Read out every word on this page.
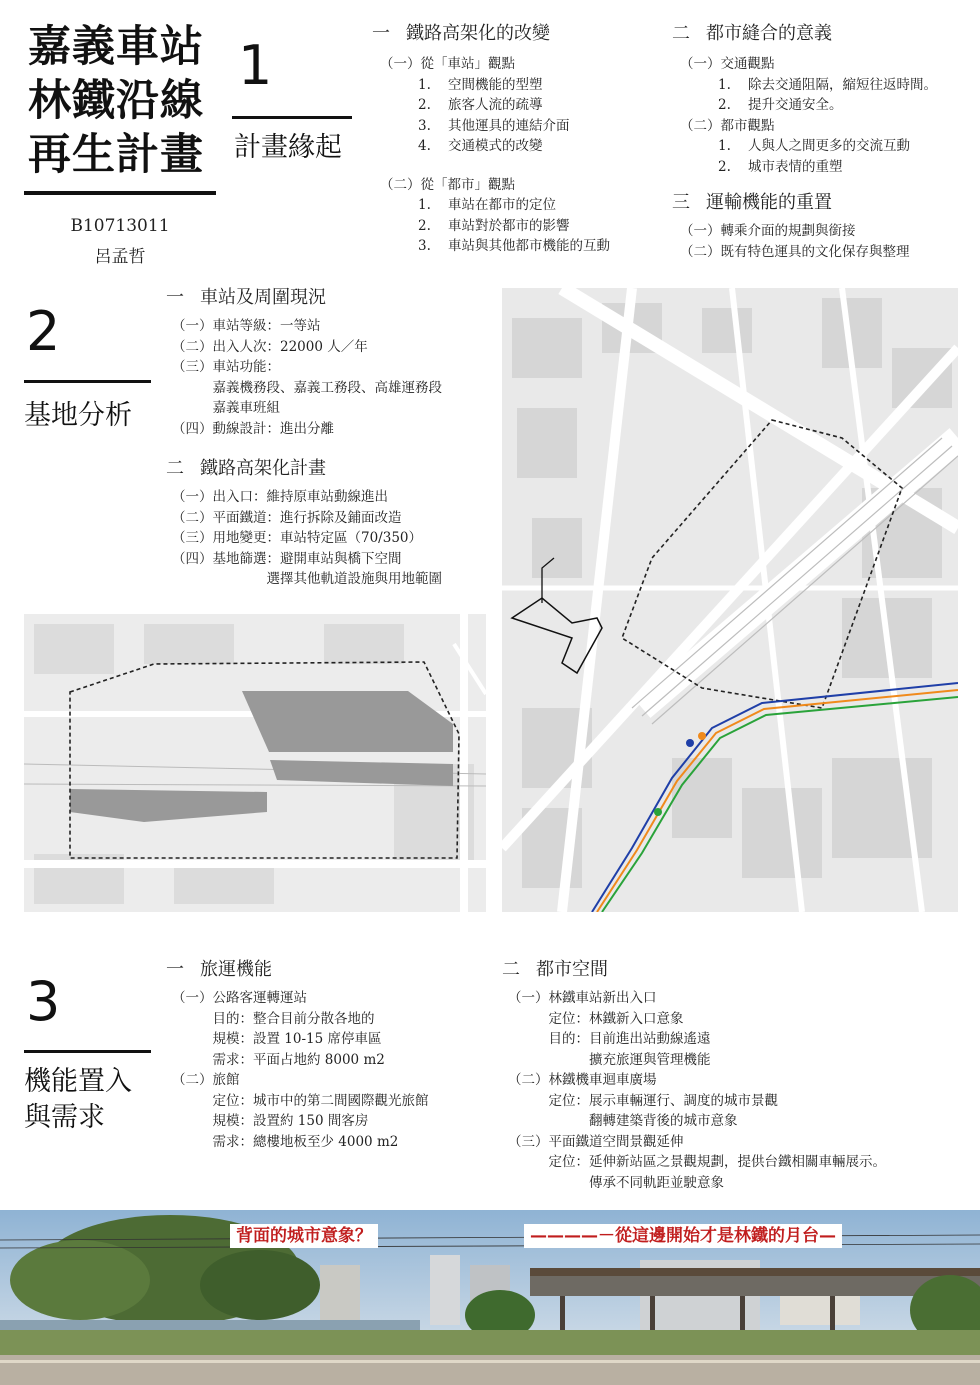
嘉義車站
林鐵沿線
再生計畫
B10713011
呂孟哲
1
計畫緣起
一 鐵路高架化的改變
（一）從「車站」觀點
1. 空間機能的型塑
2. 旅客人流的疏導
3. 其他運具的連結介面
4. 交通模式的改變
（二）從「都市」觀點
1. 車站在都市的定位
2. 車站對於都市的影響
3. 車站與其他都市機能的互動
二 都市縫合的意義
（一）交通觀點
1. 除去交通阻隔，縮短往返時間。
2. 提升交通安全。
（二）都市觀點
1. 人與人之間更多的交流互動
2. 城市表情的重塑
三 運輸機能的重置
（一）轉乘介面的規劃與銜接
（二）既有特色運具的文化保存與整理
2
基地分析
一 車站及周圍現況
（一）車站等級：一等站
（二）出入人次：22000 人／年
（三）車站功能：
　　　嘉義機務段、嘉義工務段、高雄運務段
　　　嘉義車班組
（四）動線設計：進出分離
二 鐵路高架化計畫
（一）出入口：維持原車站動線進出
（二）平面鐵道：進行拆除及鋪面改造
（三）用地變更：車站特定區（70/350）
（四）基地篩選：避開車站與橋下空間
　　　　　　　選擇其他軌道設施與用地範圍
3
機能置入
與需求
一 旅運機能
（一）公路客運轉運站
　　　目的：整合目前分散各地的
　　　規模：設置 10-15 席停車區
　　　需求：平面占地約 8000 m2
（二）旅館
　　　定位：城市中的第二間國際觀光旅館
　　　規模：設置約 150 間客房
　　　需求：總樓地板至少 4000 m2
二 都市空間
（一）林鐵車站新出入口
　　　定位：林鐵新入口意象
　　　目的：目前進出站動線遙遠
　　　　　　擴充旅運與管理機能
（二）林鐵機車迴車廣場
　　　定位：展示車輛運行、調度的城市景觀
　　　　　　翻轉建築背後的城市意象
（三）平面鐵道空間景觀延伸
　　　定位：延伸新站區之景觀規劃，提供台鐵相關車輛展示。
　　　　　　傳承不同軌距並駛意象
背面的城市意象？	————－從這邊開始才是林鐵的月台—
